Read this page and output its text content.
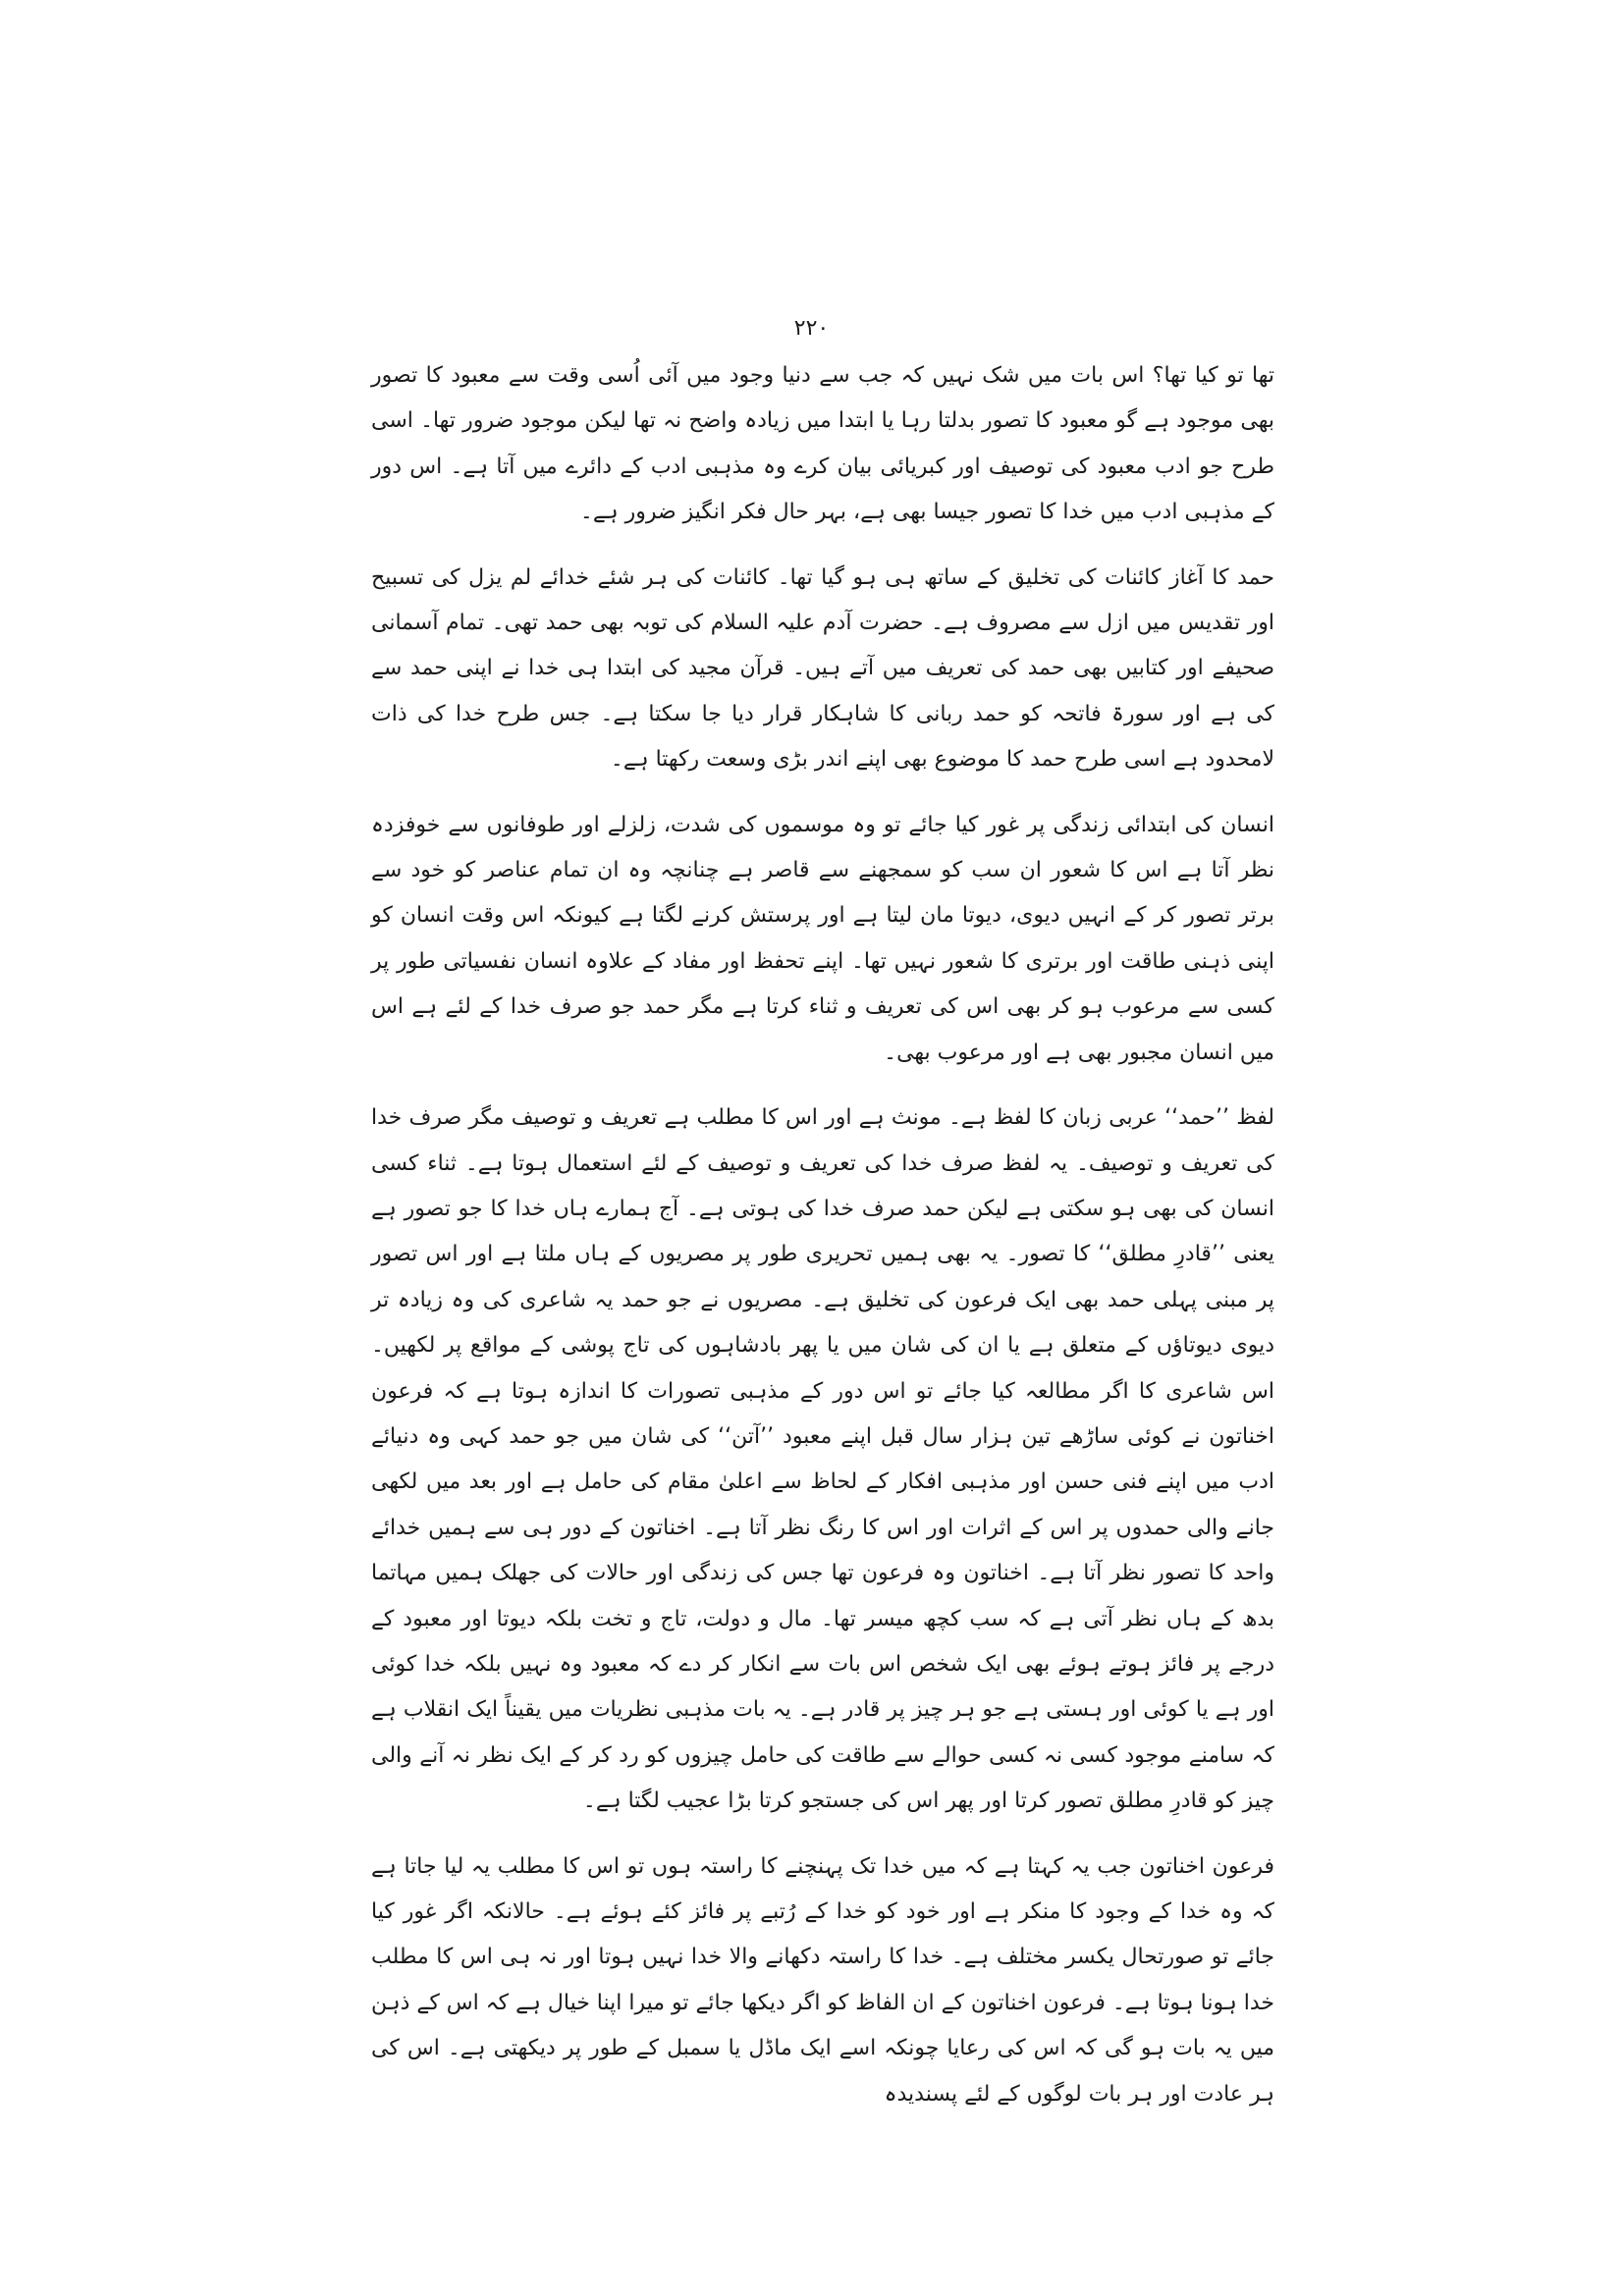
۲۲۰

تھا تو کیا تھا؟ اس بات میں شک نہیں کہ جب سے دنیا وجود میں آئی اُسی وقت سے معبود کا تصور بھی موجود ہے گو معبود کا تصور بدلتا رہا یا ابتدا میں زیادہ واضح نہ تھا لیکن موجود ضرور تھا۔ اسی طرح جو ادب معبود کی توصیف اور کبریائی بیان کرے وہ مذہبی ادب کے دائرے میں آتا ہے۔ اس دور کے مذہبی ادب میں خدا کا تصور جیسا بھی ہے، بہر حال فکر انگیز ضرور ہے۔

حمد کا آغاز کائنات کی تخلیق کے ساتھ ہی ہو گیا تھا۔ کائنات کی ہر شئے خدائے لم یزل کی تسبیح اور تقدیس میں ازل سے مصروف ہے۔ حضرت آدم علیہ السلام کی توبہ بھی حمد تھی۔ تمام آسمانی صحیفے اور کتابیں بھی حمد کی تعریف میں آتے ہیں۔ قرآن مجید کی ابتدا ہی خدا نے اپنی حمد سے کی ہے اور سورۃ فاتحہ کو حمد ربانی کا شاہکار قرار دیا جا سکتا ہے۔ جس طرح خدا کی ذات لامحدود ہے اسی طرح حمد کا موضوع بھی اپنے اندر بڑی وسعت رکھتا ہے۔

انسان کی ابتدائی زندگی پر غور کیا جائے تو وہ موسموں کی شدت، زلزلے اور طوفانوں سے خوفزدہ نظر آتا ہے اس کا شعور ان سب کو سمجھنے سے قاصر ہے چنانچہ وہ ان تمام عناصر کو خود سے برتر تصور کر کے انہیں دیوی، دیوتا مان لیتا ہے اور پرستش کرنے لگتا ہے کیونکہ اس وقت انسان کو اپنی ذہنی طاقت اور برتری کا شعور نہیں تھا۔ اپنے تحفظ اور مفاد کے علاوہ انسان نفسیاتی طور پر کسی سے مرعوب ہو کر بھی اس کی تعریف و ثناء کرتا ہے مگر حمد جو صرف خدا کے لئے ہے اس میں انسان مجبور بھی ہے اور مرعوب بھی۔

لفظ ’’حمد‘‘ عربی زبان کا لفظ ہے۔ مونث ہے اور اس کا مطلب ہے تعریف و توصیف مگر صرف خدا کی تعریف و توصیف۔ یہ لفظ صرف خدا کی تعریف و توصیف کے لئے استعمال ہوتا ہے۔ ثناء کسی انسان کی بھی ہو سکتی ہے لیکن حمد صرف خدا کی ہوتی ہے۔ آج ہمارے ہاں خدا کا جو تصور ہے یعنی ’’قادرِ مطلق‘‘ کا تصور۔ یہ بھی ہمیں تحریری طور پر مصریوں کے ہاں ملتا ہے اور اس تصور پر مبنی پہلی حمد بھی ایک فرعون کی تخلیق ہے۔ مصریوں نے جو حمد یہ شاعری کی وہ زیادہ تر دیوی دیوتاؤں کے متعلق ہے یا ان کی شان میں یا پھر بادشاہوں کی تاج پوشی کے مواقع پر لکھیں۔ اس شاعری کا اگر مطالعہ کیا جائے تو اس دور کے مذہبی تصورات کا اندازہ ہوتا ہے کہ فرعون اخناتون نے کوئی ساڑھے تین ہزار سال قبل اپنے معبود ’’آتن‘‘ کی شان میں جو حمد کہی وہ دنیائے ادب میں اپنے فنی حسن اور مذہبی افکار کے لحاظ سے اعلیٰ مقام کی حامل ہے اور بعد میں لکھی جانے والی حمدوں پر اس کے اثرات اور اس کا رنگ نظر آتا ہے۔ اخناتون کے دور ہی سے ہمیں خدائے واحد کا تصور نظر آتا ہے۔ اخناتون وہ فرعون تھا جس کی زندگی اور حالات کی جھلک ہمیں مہاتما بدھ کے ہاں نظر آتی ہے کہ سب کچھ میسر تھا۔ مال و دولت، تاج و تخت بلکہ دیوتا اور معبود کے درجے پر فائز ہوتے ہوئے بھی ایک شخص اس بات سے انکار کر دے کہ معبود وہ نہیں بلکہ خدا کوئی اور ہے یا کوئی اور ہستی ہے جو ہر چیز پر قادر ہے۔ یہ بات مذہبی نظریات میں یقیناً ایک انقلاب ہے کہ سامنے موجود کسی نہ کسی حوالے سے طاقت کی حامل چیزوں کو رد کر کے ایک نظر نہ آنے والی چیز کو قادرِ مطلق تصور کرتا اور پھر اس کی جستجو کرتا بڑا عجیب لگتا ہے۔

فرعون اخناتون جب یہ کہتا ہے کہ میں خدا تک پہنچنے کا راستہ ہوں تو اس کا مطلب یہ لیا جاتا ہے کہ وہ خدا کے وجود کا منکر ہے اور خود کو خدا کے رُتبے پر فائز کئے ہوئے ہے۔ حالانکہ اگر غور کیا جائے تو صورتحال یکسر مختلف ہے۔ خدا کا راستہ دکھانے والا خدا نہیں ہوتا اور نہ ہی اس کا مطلب خدا ہونا ہوتا ہے۔ فرعون اخناتون کے ان الفاظ کو اگر دیکھا جائے تو میرا اپنا خیال ہے کہ اس کے ذہن میں یہ بات ہو گی کہ اس کی رعایا چونکہ اسے ایک ماڈل یا سمبل کے طور پر دیکھتی ہے۔ اس کی ہر عادت اور ہر بات لوگوں کے لئے پسندیدہ
